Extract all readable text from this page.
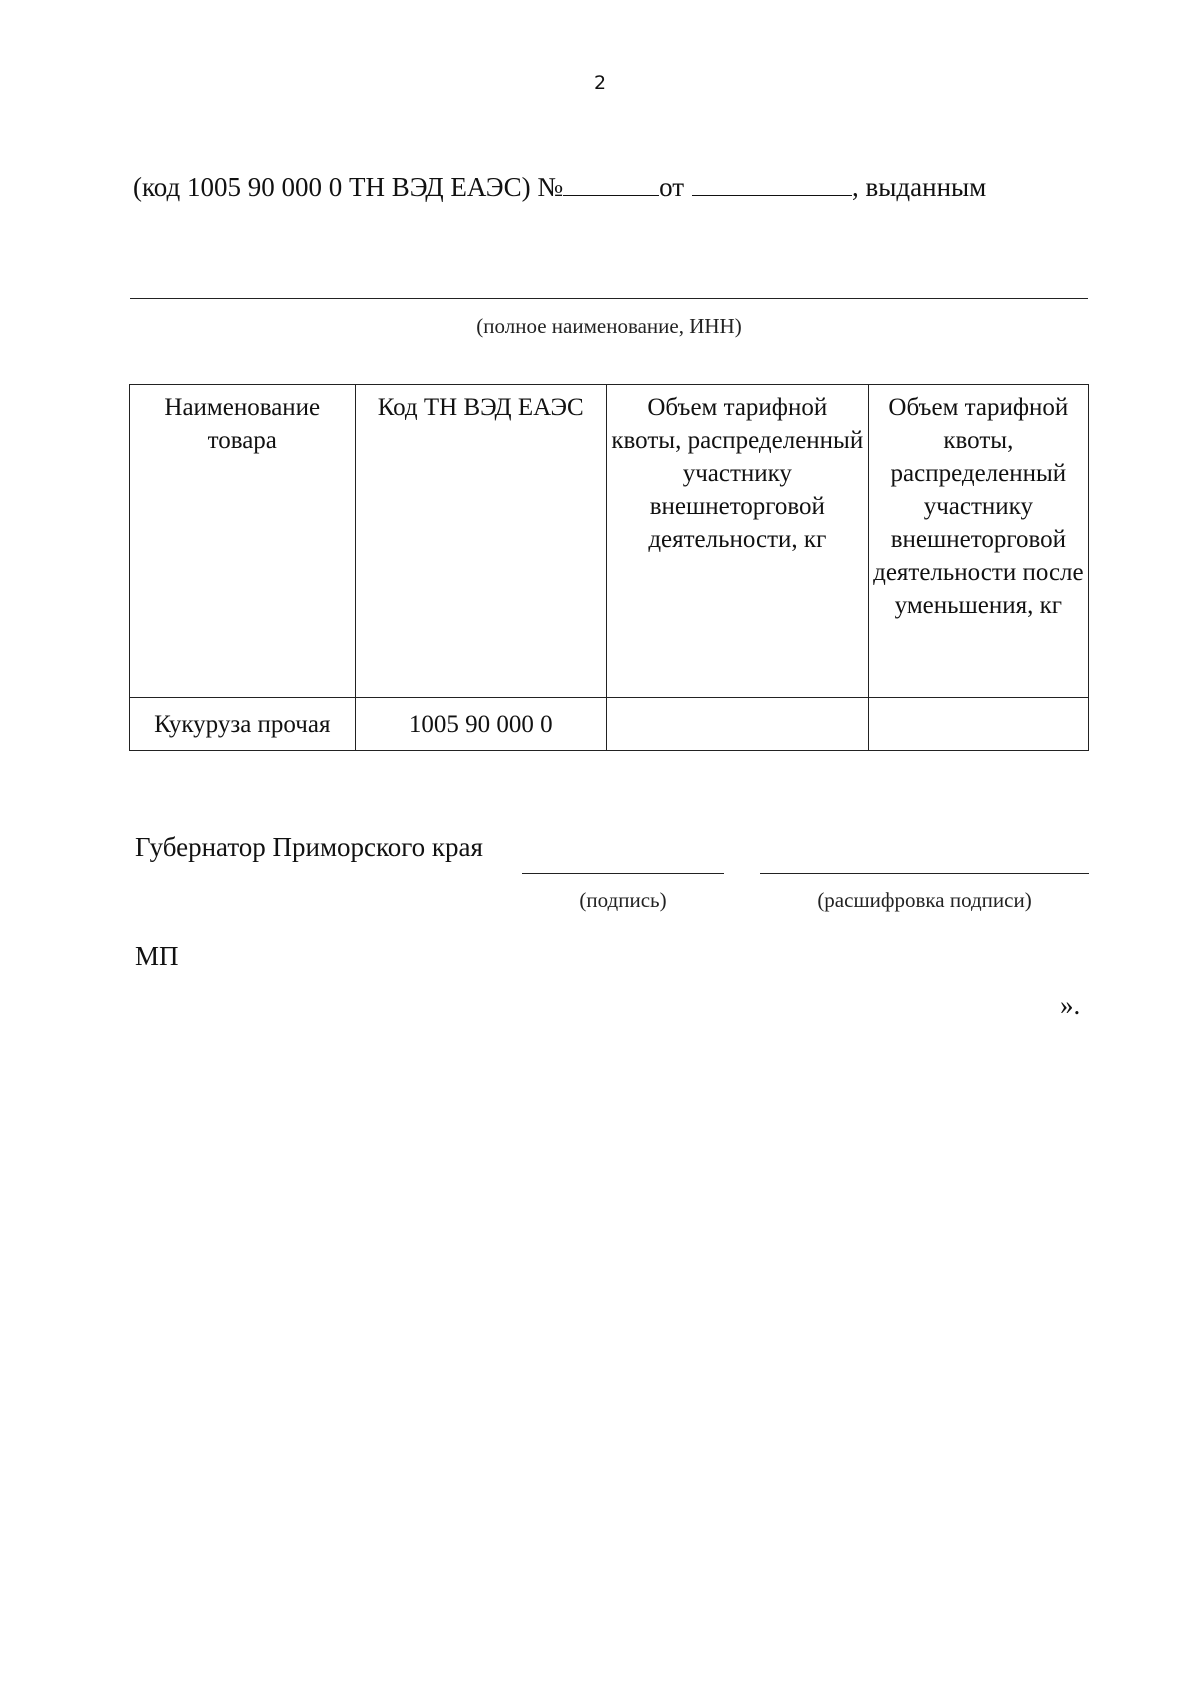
2
(код 1005 90 000 0 ТН ВЭД ЕАЭС) №	от	, выданным
(полное наименование, ИНН)
Наименование товара	Код ТН ВЭД ЕАЭС	Объем тарифной квоты, распределенный участнику внешнеторговой деятельности, кг	Объем тарифной квоты, распределенный участнику внешнеторговой деятельности после уменьшения, кг
Кукуруза прочая	1005 90 000 0		
Губернатор Приморского края
(подпись)	(расшифровка подписи)
МП
».
